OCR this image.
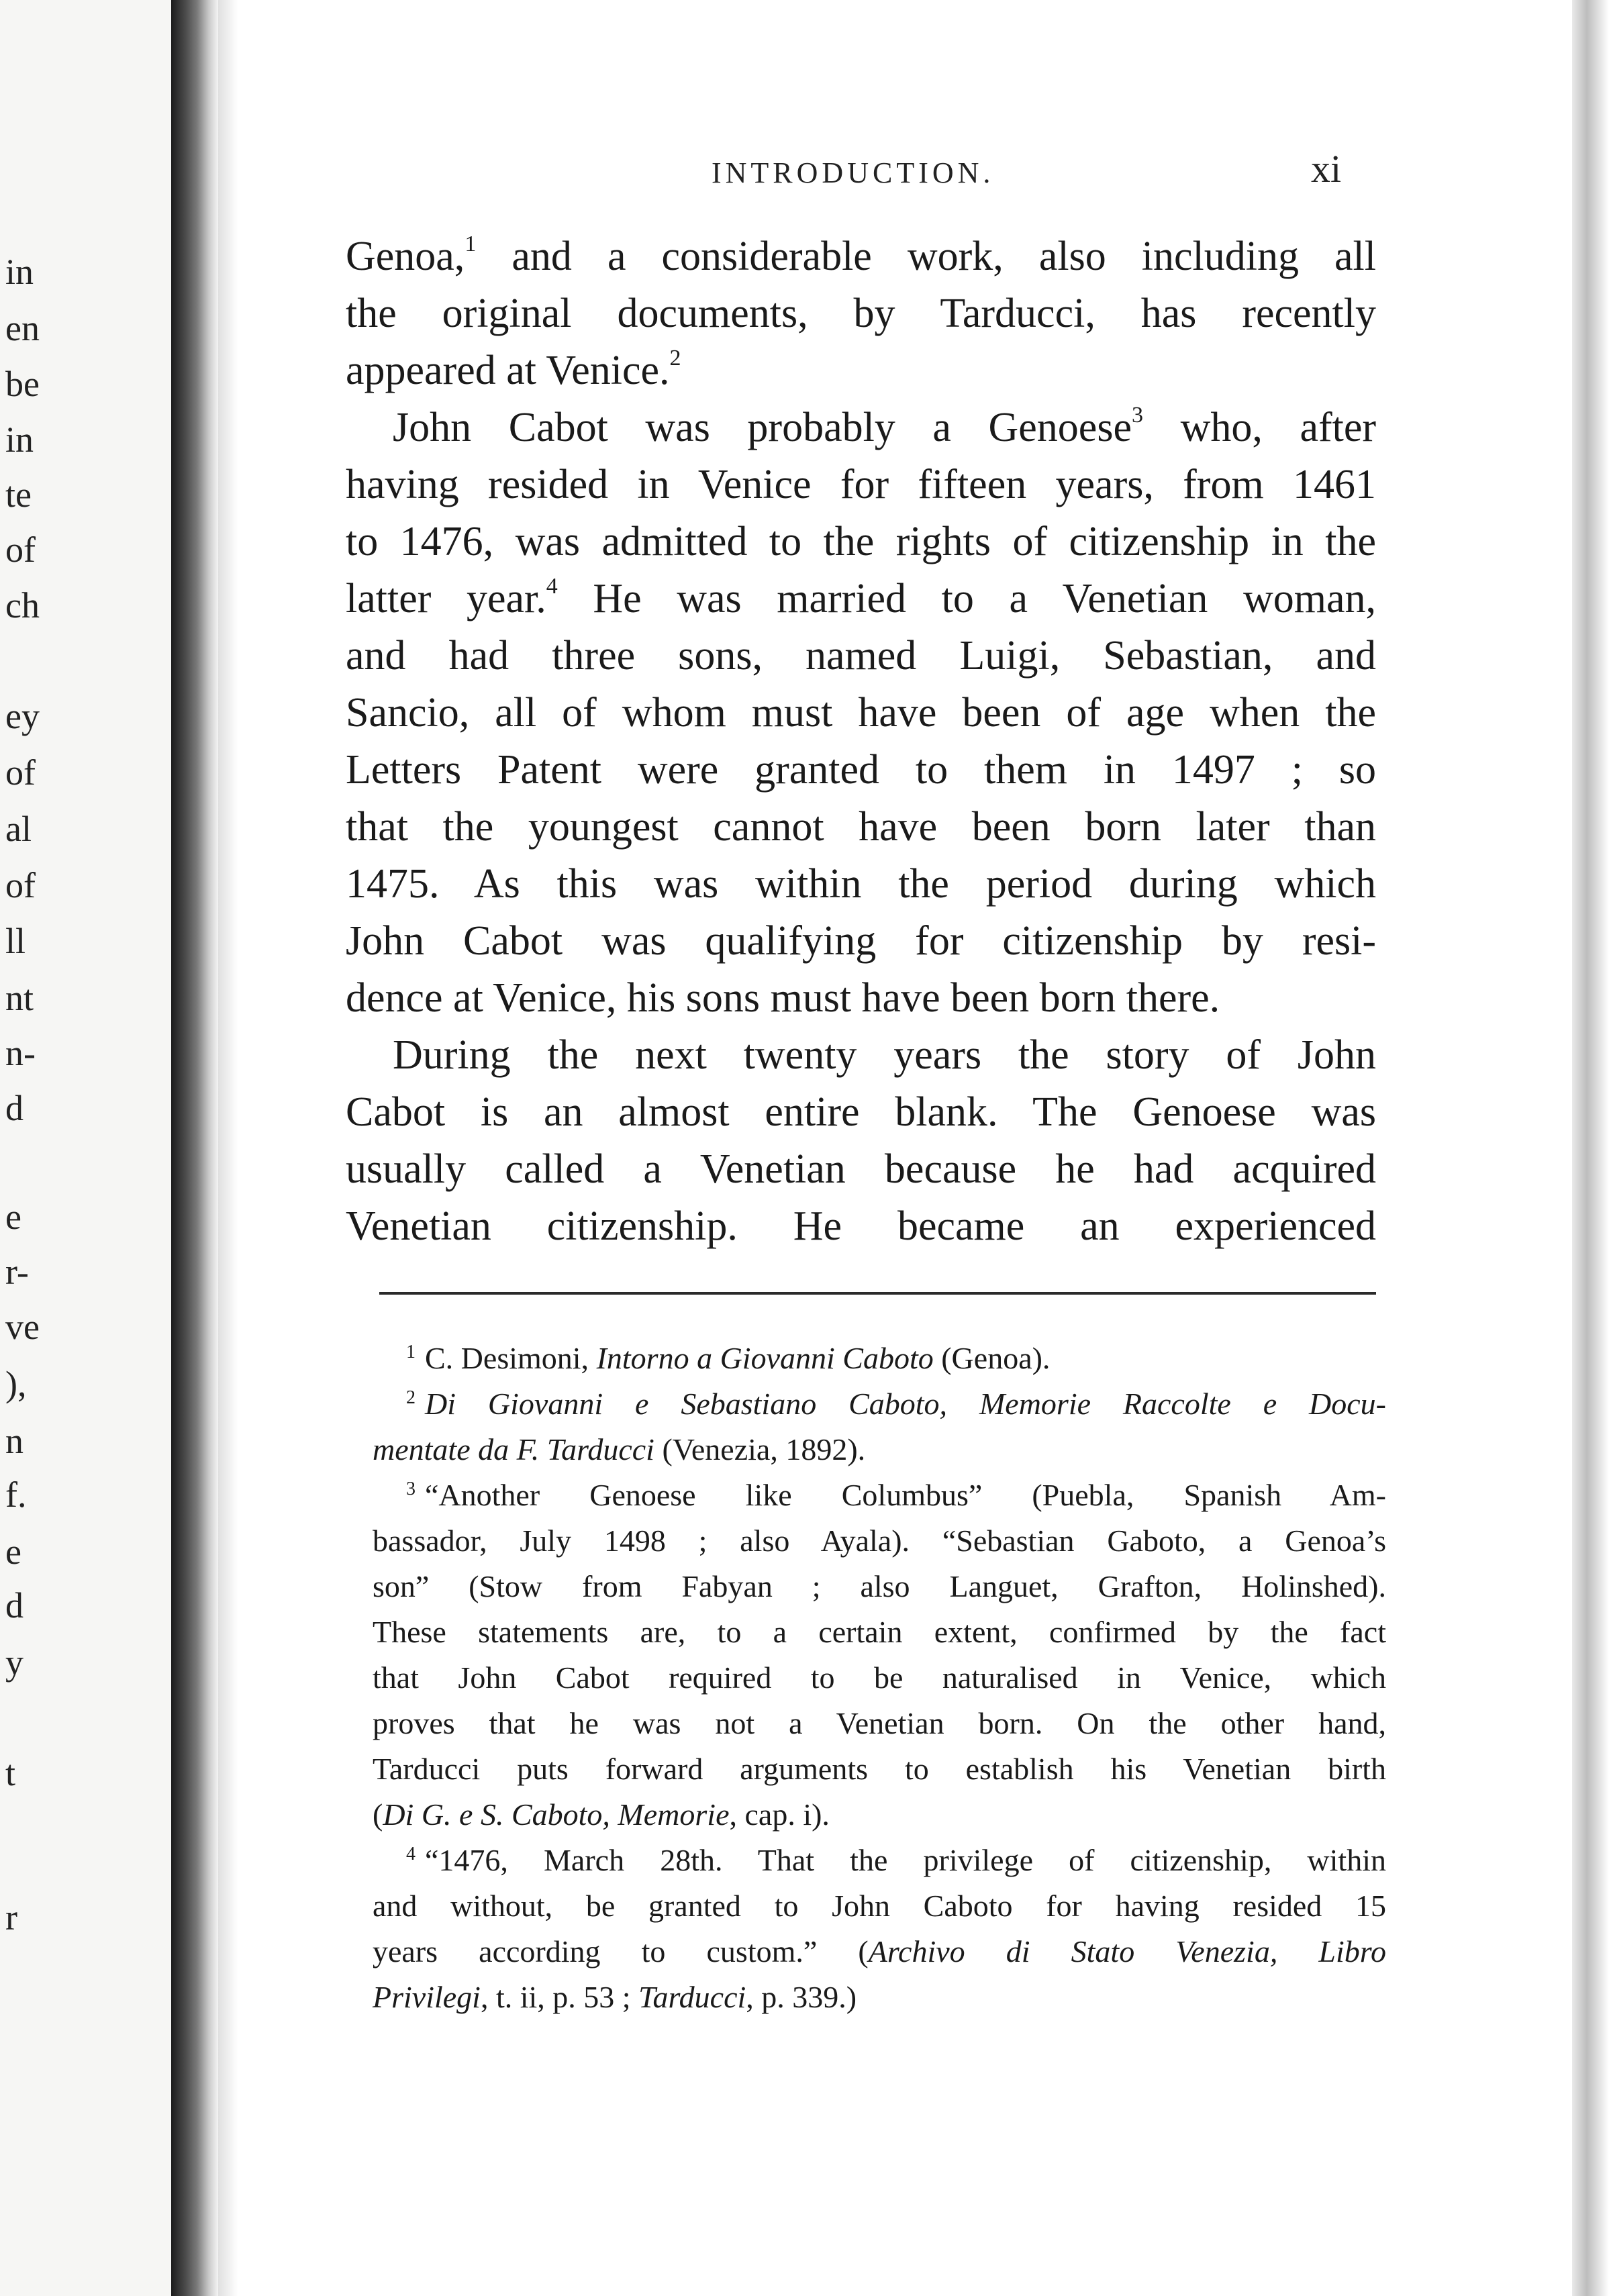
in
en
be
in
te
of
ch
ey
of
al
of
ll
nt
n-
d
e
r-
ve
),
n
f.
e
d
y
t
r
INTRODUCTION.	xi
Genoa,$^1$ and a considerable work, also including all
the original documents, by Tarducci, has recently
appeared at Venice.$^2$
John Cabot was probably a Genoese$^3$ who, after
having resided in Venice for fifteen years, from 1461
to 1476, was admitted to the rights of citizenship in the
latter year.$^4$ He was married to a Venetian woman,
and had three sons, named Luigi, Sebastian, and
Sancio, all of whom must have been of age when the
Letters Patent were granted to them in 1497 ; so
that the youngest cannot have been born later than
1475. As this was within the period during which
John Cabot was qualifying for citizenship by resi-
dence at Venice, his sons must have been born there.
During the next twenty years the story of John
Cabot is an almost entire blank. The Genoese was
usually called a Venetian because he had acquired
Venetian citizenship. He became an experienced
$^1$ C. Desimoni, Intorno a Giovanni Caboto (Genoa).
$^2$ Di Giovanni e Sebastiano Caboto, Memorie Raccolte e Docu-
mentate da F. Tarducci (Venezia, 1892).
$^3$ “Another Genoese like Columbus” (Puebla, Spanish Am-
bassador, July 1498 ; also Ayala). “Sebastian Gaboto, a Genoa’s
son” (Stow from Fabyan ; also Languet, Grafton, Holinshed).
These statements are, to a certain extent, confirmed by the fact
that John Cabot required to be naturalised in Venice, which
proves that he was not a Venetian born. On the other hand,
Tarducci puts forward arguments to establish his Venetian birth
(Di G. e S. Caboto, Memorie, cap. i).
$^4$ “1476, March 28th. That the privilege of citizenship, within
and without, be granted to John Caboto for having resided 15
years according to custom.” (Archivo di Stato Venezia, Libro
Privilegi, t. ii, p. 53 ; Tarducci, p. 339.)
